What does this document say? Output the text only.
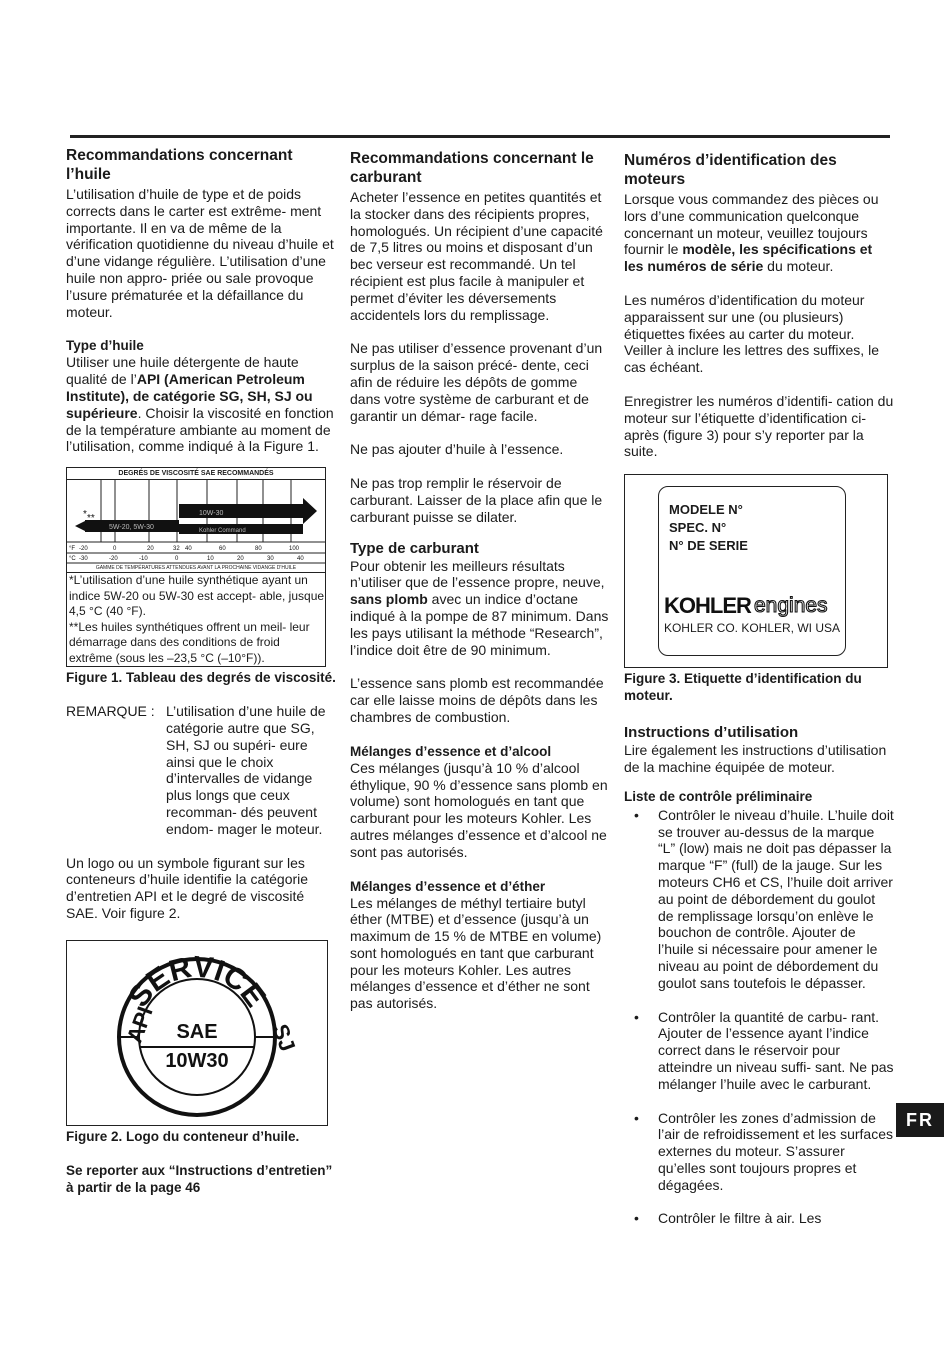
Recommandations concernant l’huile

L’utilisation d’huile de type et de poids corrects dans le carter est extrême- ment importante. Il en va de même de la vérification quotidienne du niveau d’huile et d’une vidange régulière. L’utilisation d’une huile non appro- priée ou sale provoque l’usure prématurée et la défaillance du moteur.

Type d’huile

Utiliser une huile détergente de haute qualité de l’API (American Petroleum Institute), de catégorie SG, SH, SJ ou supérieure. Choisir la viscosité en fonction de la température ambiante au moment de l’utilisation, comme indiqué à la Figure 1.

DEGRÉS DE VISCOSITÉ SAE RECOMMANDÉS
* **	10W-30
5W-20, 5W-30	Kohler Command
°F -20	0	20	32 40	60	80	100
°C -30	-20	-10	0	10	20	30	40
GAMME DE TEMPÉRATURES ATTENDUES AVANT LA PROCHAINE VIDANGE D’HUILE

*L’utilisation d’une huile synthétique ayant un indice 5W-20 ou 5W-30 est accept- able, jusque 4,5 °C (40 °F).

**Les huiles synthétiques offrent un meil- leur démarrage dans des conditions de froid extrême (sous les –23,5 °C (–10°F)).

Figure 1. Tableau des degrés de viscosité.
REMARQUE : L’utilisation d’une huile de catégorie autre que SG, SH, SJ ou supéri- eure ainsi que le choix d’intervalles de vidange plus longs que ceux recomman- dés peuvent endom- mager le moteur.

Un logo ou un symbole figurant sur les conteneurs d’huile identifie la catégorie d’entretien API et le degré de viscosité SAE. Voir figure 2.

SERVICE
API	SJ
SAE
10W30
Figure 2. Logo du conteneur d’huile.
Se reporter aux “Instructions d’entretien” à partir de la page 46
Recommandations concernant le carburant

Acheter l’essence en petites quantités et la stocker dans des récipients propres, homologués. Un récipient d’une capacité de 7,5 litres ou moins et disposant d’un bec verseur est recommandé. Un tel récipient est plus facile à manipuler et permet d’éviter les déversements accidentels lors du remplissage.

Ne pas utiliser d’essence provenant d’un surplus de la saison précé- dente, ceci afin de réduire les dépôts de gomme dans votre système de carburant et de garantir un démar- rage facile.

Ne pas ajouter d’huile à l’essence.

Ne pas trop remplir le réservoir de carburant. Laisser de la place afin que le carburant puisse se dilater.

Type de carburant

Pour obtenir les meilleurs résultats n’utiliser que de l’essence propre, neuve, sans plomb avec un indice d’octane indiqué à la pompe de 87 minimum. Dans les pays utilisant la méthode “Research”, l’indice doit être de 90 minimum.

L’essence sans plomb est recommandée car elle laisse moins de dépôts dans les chambres de combustion.

Mélanges d’essence et d’alcool

Ces mélanges (jusqu’à 10 % d’alcool éthylique, 90 % d’essence sans plomb en volume) sont homologués en tant que carburant pour les moteurs Kohler. Les autres mélanges d’essence et d’alcool ne sont pas autorisés.

Mélanges d’essence et d’éther

Les mélanges de méthyl tertiaire butyl éther (MTBE) et d’essence (jusqu’à un maximum de 15 % de MTBE en volume) sont homologués en tant que carburant pour les moteurs Kohler. Les autres mélanges d’essence et d’éther ne sont pas autorisés.

Numéros d’identification des moteurs

Lorsque vous commandez des pièces ou lors d’une communication quelconque concernant un moteur, veuillez toujours fournir le modèle, les spécifications et les numéros de série du moteur.

Les numéros d’identification du moteur apparaissent sur une (ou plusieurs) étiquettes fixées au carter du moteur. Veiller à inclure les lettres des suffixes, le cas échéant.

Enregistrer les numéros d’identifi- cation du moteur sur l’étiquette d’identification ci-après (figure 3) pour s’y reporter par la suite.

MODELE N°
SPEC. N°
N° DE SERIE
KOHLER engines
KOHLER CO. KOHLER, WI USA
Figure 3. Etiquette d’identification du moteur.
Instructions d’utilisation

Lire également les instructions d’utilisation de la machine équipée de moteur.

Liste de contrôle préliminaire
• Contrôler le niveau d’huile. L’huile doit se trouver au-dessus de la marque “L” (low) mais ne doit pas dépasser la marque “F” (full) de la jauge. Sur les moteurs CH6 et CS, l’huile doit arriver au point de débordement du goulot de remplissage lorsqu’on enlève le bouchon de contrôle. Ajouter de l’huile si nécessaire pour amener le niveau au point de débordement du goulot sans toutefois le dépasser.
• Contrôler la quantité de carbu- rant. Ajouter de l’essence ayant l’indice correct dans le réservoir pour atteindre un niveau suffi- sant. Ne pas mélanger l’huile avec le carburant.
• Contrôler les zones d’admission de l’air de refroidissement et les surfaces externes du moteur. S’assurer qu’elles sont toujours propres et dégagées.
• Contrôler le filtre à air. Les
FR
